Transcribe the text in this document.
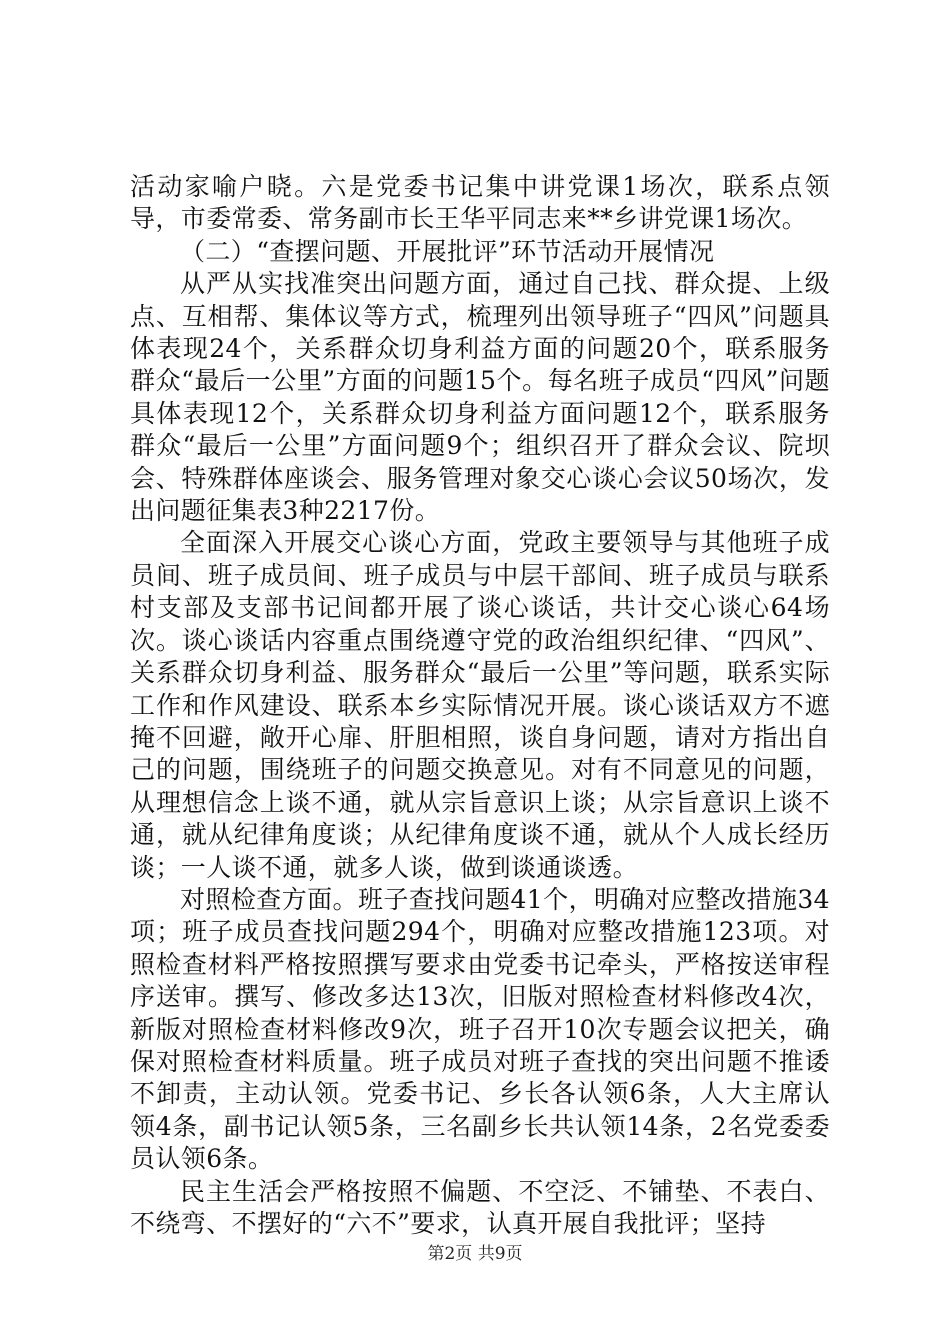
活动家喻户晓。六是党委书记集中讲党课1场次，联系点领导，市委常委、常务副市长王华平同志来**乡讲党课1场次。

（二）“查摆问题、开展批评”环节活动开展情况

从严从实找准突出问题方面，通过自己找、群众提、上级点、互相帮、集体议等方式，梳理列出领导班子“四风”问题具体表现24个，关系群众切身利益方面的问题20个，联系服务群众“最后一公里”方面的问题15个。每名班子成员“四风”问题具体表现12个，关系群众切身利益方面问题12个，联系服务群众“最后一公里”方面问题9个；组织召开了群众会议、院坝会、特殊群体座谈会、服务管理对象交心谈心会议50场次，发出问题征集表3种2217份。

全面深入开展交心谈心方面，党政主要领导与其他班子成员间、班子成员间、班子成员与中层干部间、班子成员与联系村支部及支部书记间都开展了谈心谈话，共计交心谈心64场次。谈心谈话内容重点围绕遵守党的政治组织纪律、“四风”、关系群众切身利益、服务群众“最后一公里”等问题，联系实际工作和作风建设、联系本乡实际情况开展。谈心谈话双方不遮掩不回避，敞开心扉、肝胆相照，谈自身问题，请对方指出自己的问题，围绕班子的问题交换意见。对有不同意见的问题，从理想信念上谈不通，就从宗旨意识上谈；从宗旨意识上谈不通，就从纪律角度谈；从纪律角度谈不通，就从个人成长经历谈；一人谈不通，就多人谈，做到谈通谈透。

对照检查方面。班子查找问题41个，明确对应整改措施34项；班子成员查找问题294个，明确对应整改措施123项。对照检查材料严格按照撰写要求由党委书记牵头，严格按送审程序送审。撰写、修改多达13次，旧版对照检查材料修改4次，新版对照检查材料修改9次，班子召开10次专题会议把关，确保对照检查材料质量。班子成员对班子查找的突出问题不推诿不卸责，主动认领。党委书记、乡长各认领6条，人大主席认领4条，副书记认领5条，三名副乡长共认领14条，2名党委委员认领6条。

民主生活会严格按照不偏题、不空泛、不铺垫、不表白、不绕弯、不摆好的“六不”要求，认真开展自我批评；坚持

第2页 共9页
